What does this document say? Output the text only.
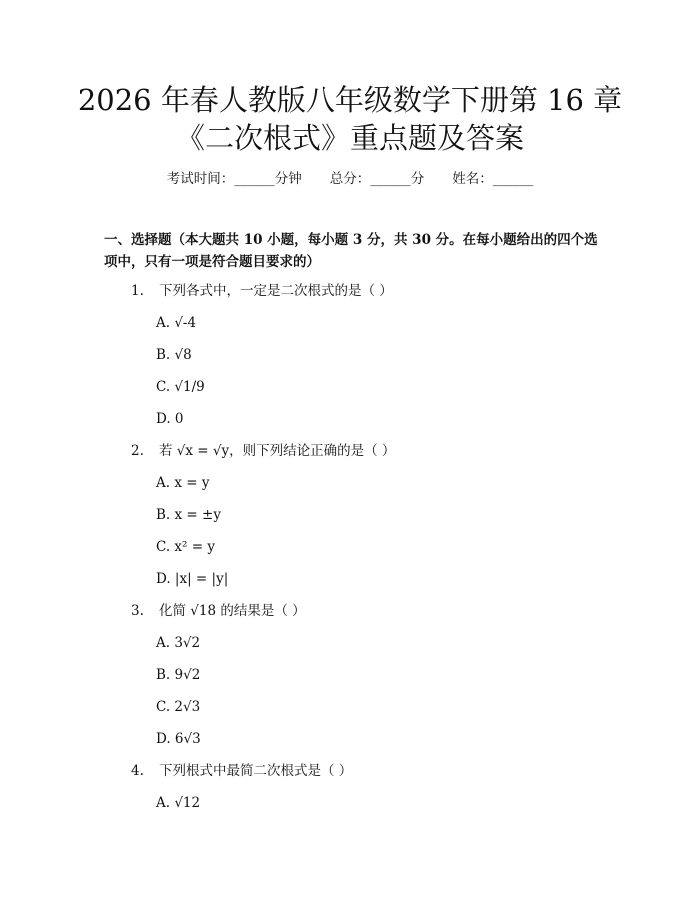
2026 年春人教版八年级数学下册第 16 章
《二次根式》重点题及答案
考试时间：______分钟 总分：______分 姓名：______
一、选择题（本大题共 10 小题，每小题 3 分，共 30 分。在每小题给出的四个选
项中，只有一项是符合题目要求的）
1. 下列各式中，一定是二次根式的是（ ）
A. √-4
B. √8
C. √1/9
D. 0
2. 若 √x = √y，则下列结论正确的是（ ）
A. x = y
B. x = ±y
C. x² = y
D. |x| = |y|
3. 化简 √18 的结果是（ ）
A. 3√2
B. 9√2
C. 2√3
D. 6√3
4. 下列根式中最简二次根式是（ ）
A. √12
